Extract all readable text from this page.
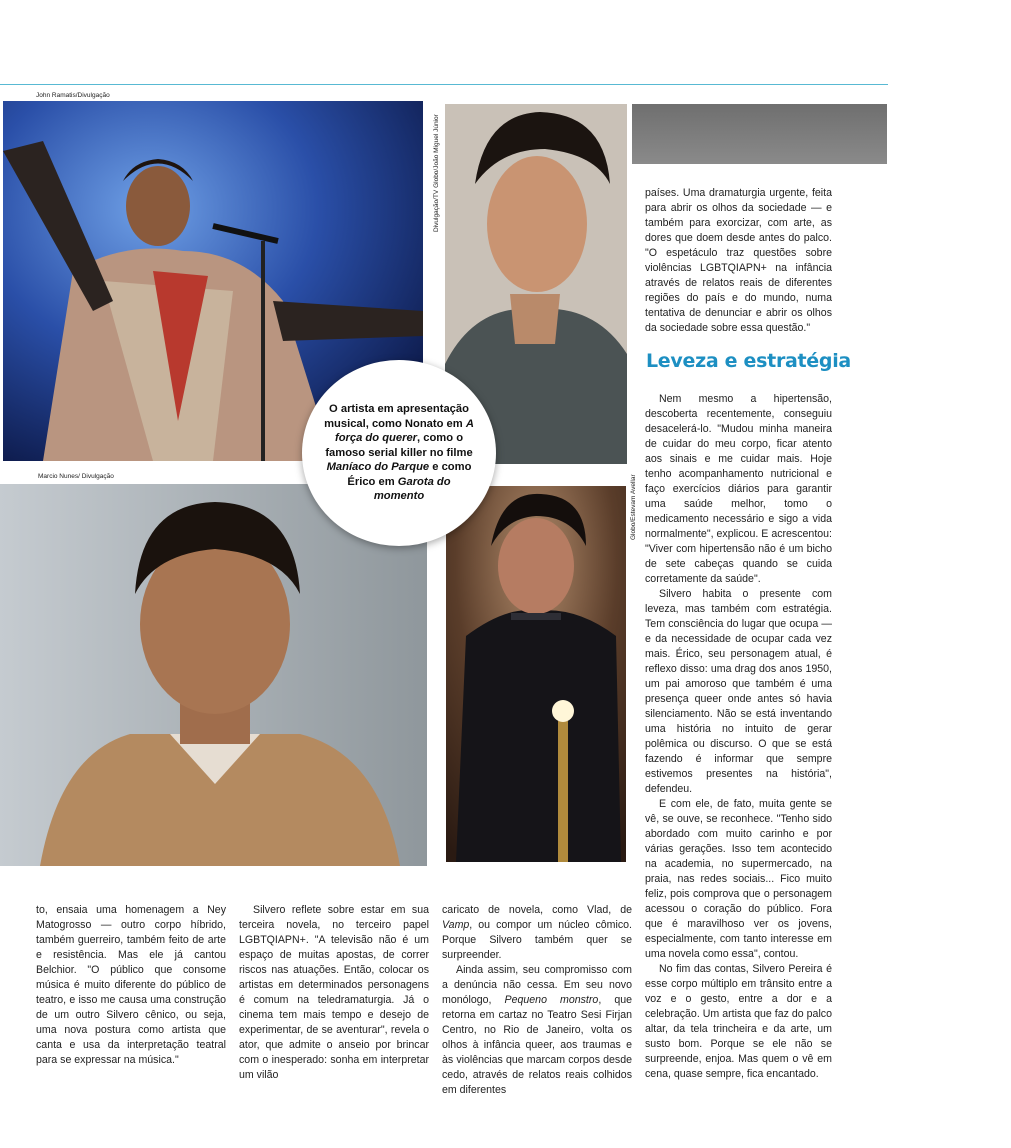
John Ramatis/Divulgação
Divulgação/TV Globo/João Miguel Júnior
Marcio Nunes/ Divulgação	Globo/Estevam Avellar
O artista em apresentação musical, como Nonato em A força do querer, como o famoso serial killer no filme Maníaco do Parque e como Érico em Garota do momento

países. Uma dramaturgia urgente, feita para abrir os olhos da sociedade — e também para exorcizar, com arte, as dores que doem desde antes do palco. "O espetáculo traz questões sobre violências LGBTQIAPN+ na infância através de relatos reais de diferentes regiões do país e do mundo, numa tentativa de denunciar e abrir os olhos da sociedade sobre essa questão."

Leveza e estratégia

Nem mesmo a hipertensão, descoberta recentemente, conseguiu desacelerá-lo. "Mudou minha maneira de cuidar do meu corpo, ficar atento aos sinais e me cuidar mais. Hoje tenho acompanhamento nutricional e faço exercícios diários para garantir uma saúde melhor, tomo o medicamento necessário e sigo a vida normalmente", explicou. E acrescentou: "Viver com hipertensão não é um bicho de sete cabeças quando se cuida corretamente da saúde".

Silvero habita o presente com leveza, mas também com estratégia. Tem consciência do lugar que ocupa — e da necessidade de ocupar cada vez mais. Érico, seu personagem atual, é reflexo disso: uma drag dos anos 1950, um pai amoroso que também é uma presença queer onde antes só havia silenciamento. Não se está inventando uma história no intuito de gerar polêmica ou discurso. O que se está fazendo é informar que sempre estivemos presentes na história", defendeu.

E com ele, de fato, muita gente se vê, se ouve, se reconhece. "Tenho sido abordado com muito carinho e por várias gerações. Isso tem acontecido na academia, no supermercado, na praia, nas redes sociais... Fico muito feliz, pois comprova que o personagem acessou o coração do público. Fora que é maravilhoso ver os jovens, especialmente, com tanto interesse em uma novela como essa", contou.

No fim das contas, Silvero Pereira é esse corpo múltiplo em trânsito entre a voz e o gesto, entre a dor e a celebração. Um artista que faz do palco altar, da tela trincheira e da arte, um susto bom. Porque se ele não se surpreende, enjoa. Mas quem o vê em cena, quase sempre, fica encantado.

to, ensaia uma homenagem a Ney Matogrosso — outro corpo híbrido, também guerreiro, também feito de arte e resistência. Mas ele já cantou Belchior. "O público que consome música é muito diferente do público de teatro, e isso me causa uma construção de um outro Silvero cênico, ou seja, uma nova postura como artista que canta e usa da interpretação teatral para se expressar na música."

Silvero reflete sobre estar em sua terceira novela, no terceiro papel LGBTQIAPN+. "A televisão não é um espaço de muitas apostas, de correr riscos nas atuações. Então, colocar os artistas em determinados personagens é comum na teledramaturgia. Já o cinema tem mais tempo e desejo de experimentar, de se aventurar", revela o ator, que admite o anseio por brincar com o inesperado: sonha em interpretar um vilão

caricato de novela, como Vlad, de Vamp, ou compor um núcleo cômico. Porque Silvero também quer se surpreender.

Ainda assim, seu compromisso com a denúncia não cessa. Em seu novo monólogo, Pequeno monstro, que retorna em cartaz no Teatro Sesi Firjan Centro, no Rio de Janeiro, volta os olhos à infância queer, aos traumas e às violências que marcam corpos desde cedo, através de relatos reais colhidos em diferentes
